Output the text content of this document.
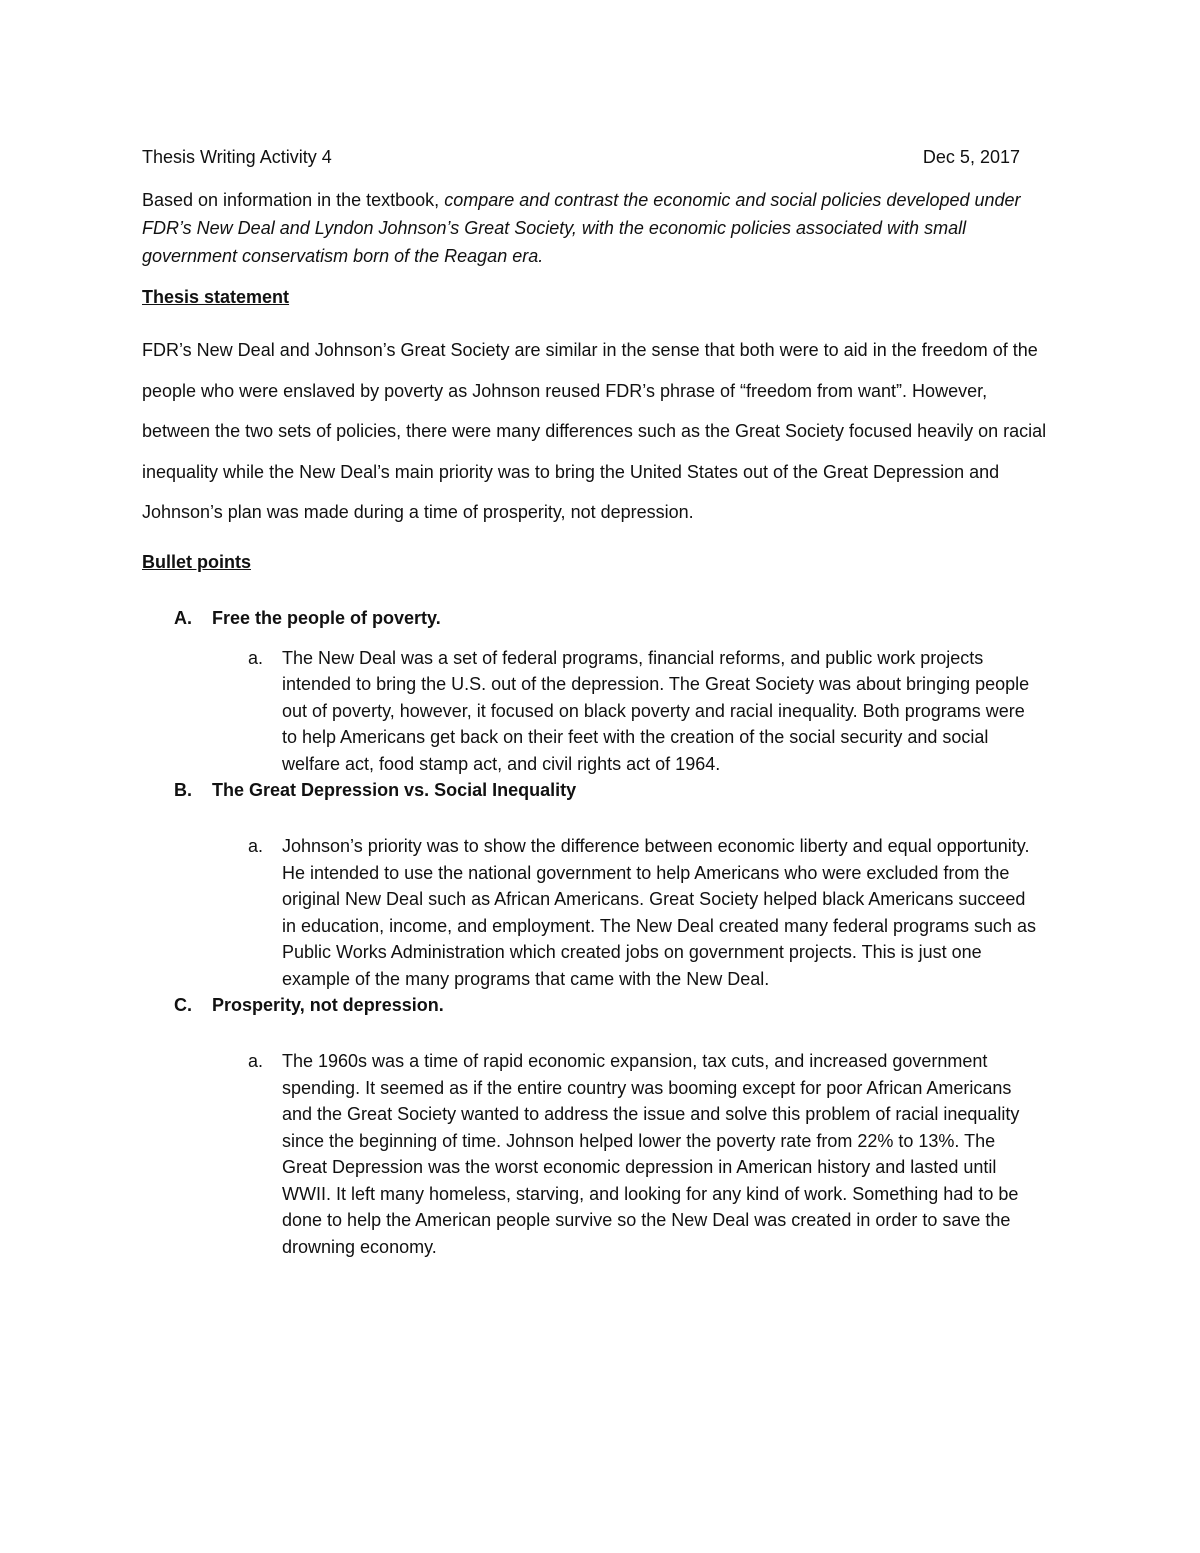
Thesis Writing Activity 4	Dec 5, 2017

Based on information in the textbook, compare and contrast the economic and social policies developed under FDR’s New Deal and Lyndon Johnson’s Great Society, with the economic policies associated with small government conservatism born of the Reagan era.

Thesis statement

FDR’s New Deal and Johnson’s Great Society are similar in the sense that both were to aid in the freedom of the people who were enslaved by poverty as Johnson reused FDR’s phrase of “freedom from want”. However, between the two sets of policies, there were many differences such as the Great Society focused heavily on racial inequality while the New Deal’s main priority was to bring the United States out of the Great Depression and Johnson’s plan was made during a time of prosperity, not depression.

Bullet points
A. Free the people of poverty.
a.	The New Deal was a set of federal programs, financial reforms, and public work projects intended to bring the U.S. out of the depression. The Great Society was about bringing people out of poverty, however, it focused on black poverty and racial inequality. Both programs were to help Americans get back on their feet with the creation of the social security and social welfare act, food stamp act, and civil rights act of 1964.
B. The Great Depression vs. Social Inequality
a.	Johnson’s priority was to show the difference between economic liberty and equal opportunity. He intended to use the national government to help Americans who were excluded from the original New Deal such as African Americans. Great Society helped black Americans succeed in education, income, and employment. The New Deal created many federal programs such as Public Works Administration which created jobs on government projects. This is just one example of the many programs that came with the New Deal.
C. Prosperity, not depression.
a.	The 1960s was a time of rapid economic expansion, tax cuts, and increased government spending. It seemed as if the entire country was booming except for poor African Americans and the Great Society wanted to address the issue and solve this problem of racial inequality since the beginning of time. Johnson helped lower the poverty rate from 22% to 13%. The Great Depression was the worst economic depression in American history and lasted until WWII. It left many homeless, starving, and looking for any kind of work. Something had to be done to help the American people survive so the New Deal was created in order to save the drowning economy.
